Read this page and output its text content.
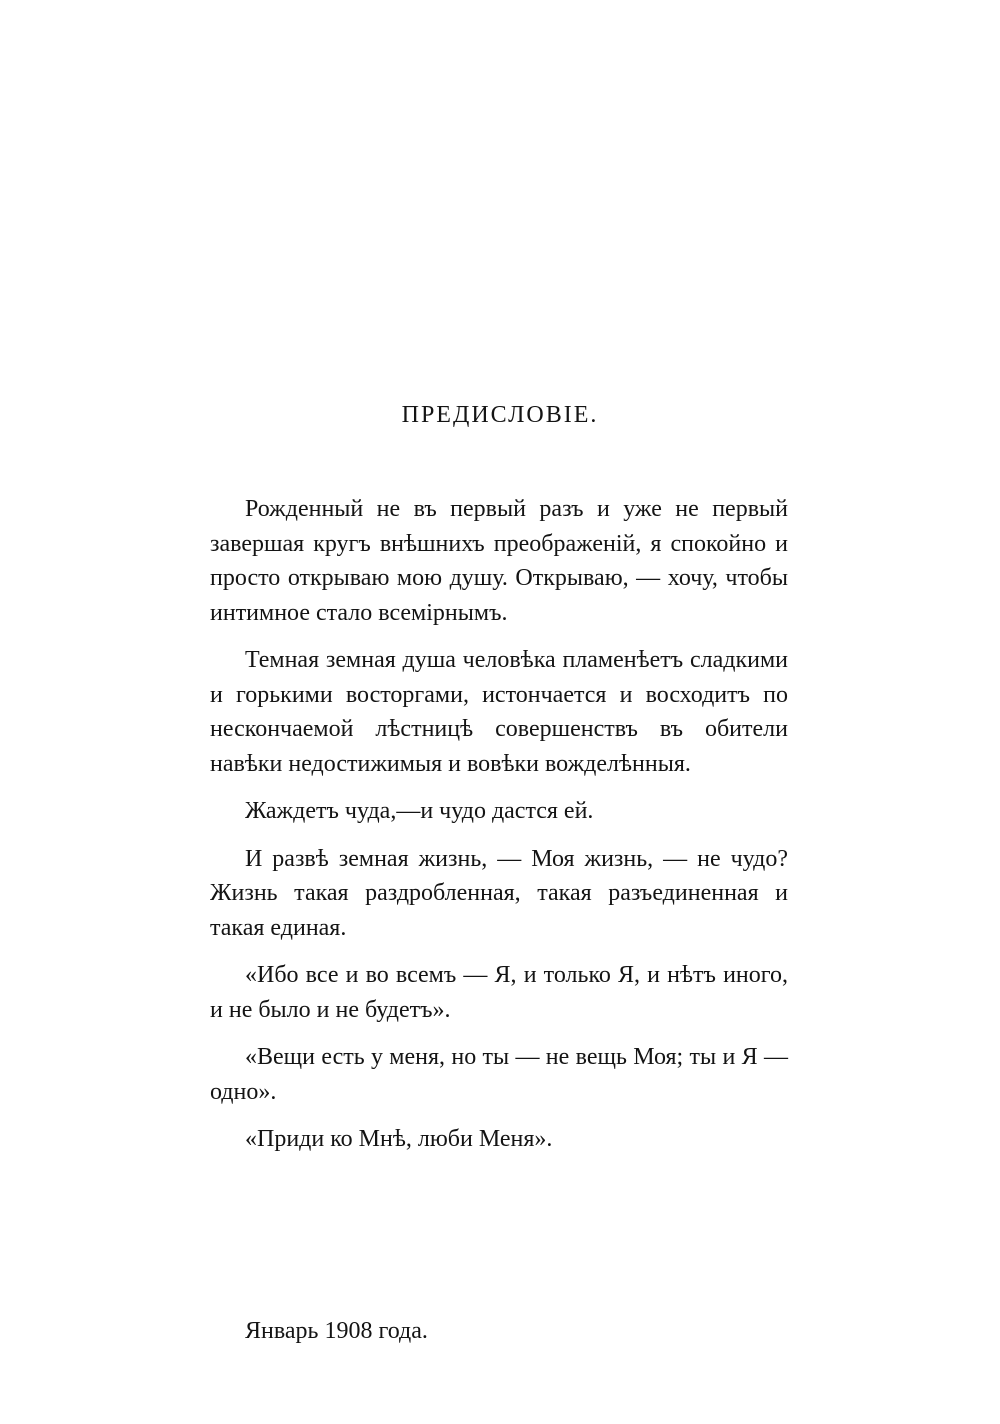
ПРЕДИСЛОВIЕ.

Рожденный не въ первый разъ и уже не первый завершая кругъ внѣшнихъ преображенiй, я спокойно и просто открываю мою душу. Открываю, — хочу, чтобы интимное стало всемiрнымъ.

Темная земная душа человѣка пламенѣетъ сладкими и горькими восторгами, истончается и восходитъ по нескончаемой лѣстницѣ совершенствъ въ обители навѣки недостижимыя и вовѣки вожделѣнныя.

Жаждетъ чуда,—и чудо дастся ей.

И развѣ земная жизнь, — Моя жизнь, — не чудо? Жизнь такая раздробленная, такая разъединенная и такая единая.

«Ибо все и во всемъ — Я, и только Я, и нѣтъ иного, и не было и не будетъ».

«Вещи есть у меня, но ты — не вещь Моя; ты и Я — одно».

«Приди ко Мнѣ, люби Меня».

Январь 1908 года.
